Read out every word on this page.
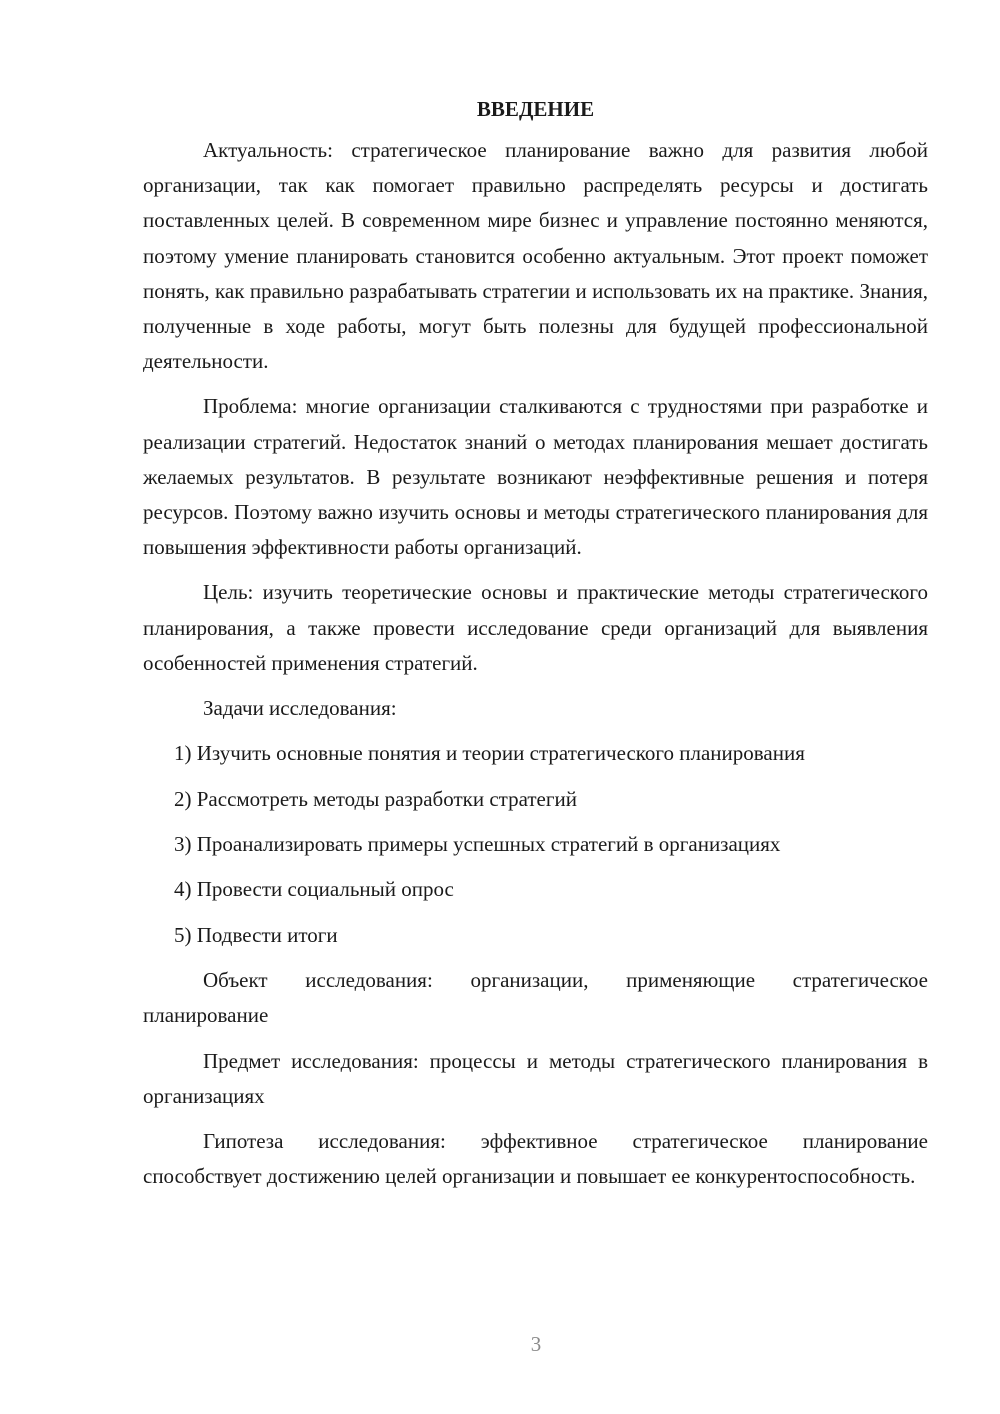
ВВЕДЕНИЕ

Актуальность: стратегическое планирование важно для развития любой организации, так как помогает правильно распределять ресурсы и достигать поставленных целей. В современном мире бизнес и управление постоянно меняются, поэтому умение планировать становится особенно актуальным. Этот проект поможет понять, как правильно разрабатывать стратегии и использовать их на практике. Знания, полученные в ходе работы, могут быть полезны для будущей профессиональной деятельности.

Проблема: многие организации сталкиваются с трудностями при разработке и реализации стратегий. Недостаток знаний о методах планирования мешает достигать желаемых результатов. В результате возникают неэффективные решения и потеря ресурсов. Поэтому важно изучить основы и методы стратегического планирования для повышения эффективности работы организаций.

Цель: изучить теоретические основы и практические методы стратегического планирования, а также провести исследование среди организаций для выявления особенностей применения стратегий.

Задачи исследования:

1) Изучить основные понятия и теории стратегического планирования
2) Рассмотреть методы разработки стратегий
3) Проанализировать примеры успешных стратегий в организациях
4) Провести социальный опрос
5) Подвести итоги

Объект исследования: организации, применяющие стратегическое планирование

Предмет исследования: процессы и методы стратегического планирования в организациях

Гипотеза исследования: эффективное стратегическое планирование способствует достижению целей организации и повышает ее конкурентоспособность.

3
